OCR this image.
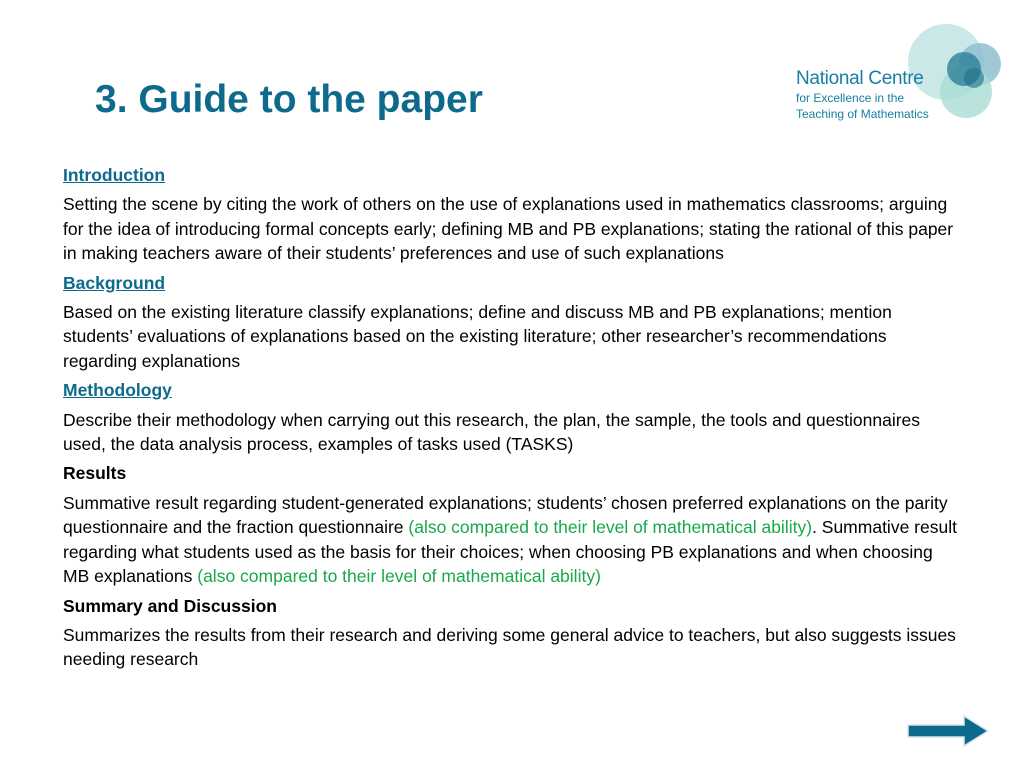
3. Guide to the paper	National Centre
for Excellence in the
Teaching of Mathematics
Introduction
Setting the scene by citing the work of others on the use of explanations used in mathematics classrooms; arguing for the idea of introducing formal concepts early; defining MB and PB explanations; stating the rational of this paper in making teachers aware of their students’ preferences and use of such explanations
Background
Based on the existing literature classify explanations; define and discuss MB and PB explanations; mention students’ evaluations of explanations based on the existing literature; other researcher’s recommendations regarding explanations
Methodology
Describe their methodology when carrying out this research, the plan, the sample, the tools and questionnaires used, the data analysis process, examples of tasks used (TASKS)
Results
Summative result regarding student-generated explanations; students’ chosen preferred explanations on the parity questionnaire and the fraction questionnaire (also compared to their level of mathematical ability). Summative result regarding what students used as the basis for their choices; when choosing PB explanations and when choosing MB explanations (also compared to their level of mathematical ability)
Summary and Discussion
Summarizes the results from their research and deriving some general advice to teachers, but also suggests issues needing research
